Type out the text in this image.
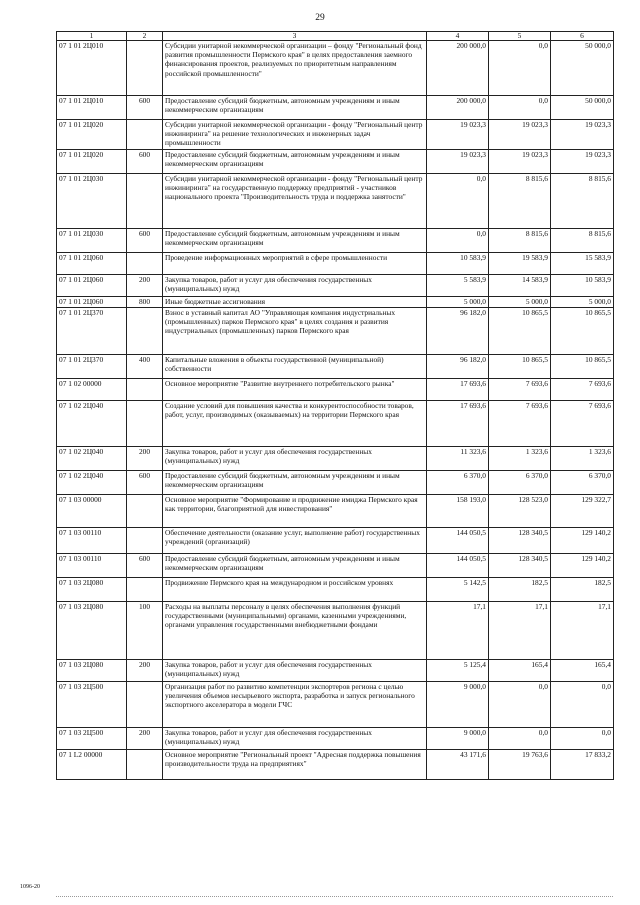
29
1	2	3	4	5	6
07 1 01 2Ц010		Субсидии унитарной некоммерческой организации – фонду "Региональный фонд развития промышленности Пермского края" в целях предоставления заемного финансирования проектов, реализуемых по приоритетным направлениям российской промышленности"	200 000,0	0,0	50 000,0
07 1 01 2Ц010	600	Предоставление субсидий бюджетным, автономным учреждениям и иным некоммерческим организациям	200 000,0	0,0	50 000,0
07 1 01 2Ц020		Субсидии унитарной некоммерческой организации - фонду "Региональный центр инжиниринга" на решение технологических и инженерных задач промышленности	19 023,3	19 023,3	19 023,3
07 1 01 2Ц020	600	Предоставление субсидий бюджетным, автономным учреждениям и иным некоммерческим организациям	19 023,3	19 023,3	19 023,3
07 1 01 2Ц030		Субсидии унитарной некоммерческой организации - фонду "Региональный центр инжиниринга" на государственную поддержку предприятий - участников национального проекта "Производительность труда и поддержка занятости"	0,0	8 815,6	8 815,6
07 1 01 2Ц030	600	Предоставление субсидий бюджетным, автономным учреждениям и иным некоммерческим организациям	0,0	8 815,6	8 815,6
07 1 01 2Ц060		Проведение информационных мероприятий в сфере промышленности	10 583,9	19 583,9	15 583,9
07 1 01 2Ц060	200	Закупка товаров, работ и услуг для обеспечения государственных (муниципальных) нужд	5 583,9	14 583,9	10 583,9
07 1 01 2Ц060	800	Иные бюджетные ассигнования	5 000,0	5 000,0	5 000,0
07 1 01 2Ц370		Взнос в уставный капитал АО "Управляющая компания индустриальных (промышленных) парков Пермского края" в целях создания и развития индустриальных (промышленных) парков Пермского края	96 182,0	10 865,5	10 865,5
07 1 01 2Ц370	400	Капитальные вложения в объекты государственной (муниципальной) собственности	96 182,0	10 865,5	10 865,5
07 1 02 00000		Основное мероприятие "Развитие внутреннего потребительского рынка"	17 693,6	7 693,6	7 693,6
07 1 02 2Ц040		Создание условий для повышения качества и конкурентоспособности товаров, работ, услуг, производимых (оказываемых) на территории Пермского края	17 693,6	7 693,6	7 693,6
07 1 02 2Ц040	200	Закупка товаров, работ и услуг для обеспечения государственных (муниципальных) нужд	11 323,6	1 323,6	1 323,6
07 1 02 2Ц040	600	Предоставление субсидий бюджетным, автономным учреждениям и иным некоммерческим организациям	6 370,0	6 370,0	6 370,0
07 1 03 00000		Основное мероприятие "Формирование и продвижение имиджа Пермского края как территории, благоприятной для инвестирования"	158 193,0	128 523,0	129 322,7
07 1 03 00110		Обеспечение деятельности (оказание услуг, выполнение работ) государственных учреждений (организаций)	144 050,5	128 340,5	129 140,2
07 1 03 00110	600	Предоставление субсидий бюджетным, автономным учреждениям и иным некоммерческим организациям	144 050,5	128 340,5	129 140,2
07 1 03 2Ц080		Продвижение Пермского края на международном и российском уровнях	5 142,5	182,5	182,5
07 1 03 2Ц080	100	Расходы на выплаты персоналу в целях обеспечения выполнения функций государственными (муниципальными) органами, казенными учреждениями, органами управления государственными внебюджетными фондами	17,1	17,1	17,1
07 1 03 2Ц080	200	Закупка товаров, работ и услуг для обеспечения государственных (муниципальных) нужд	5 125,4	165,4	165,4
07 1 03 2Ц500		Организация работ по развитию компетенции экспортеров региона с целью увеличения объемов несырьевого экспорта, разработка и запуск регионального экспортного акселератора в модели ГЧС	9 000,0	0,0	0,0
07 1 03 2Ц500	200	Закупка товаров, работ и услуг для обеспечения государственных (муниципальных) нужд	9 000,0	0,0	0,0
07 1 L2 00000		Основное мероприятие "Региональный проект "Адресная поддержка повышения производительности труда на предприятиях"	43 171,6	19 763,6	17 833,2
1096-20
